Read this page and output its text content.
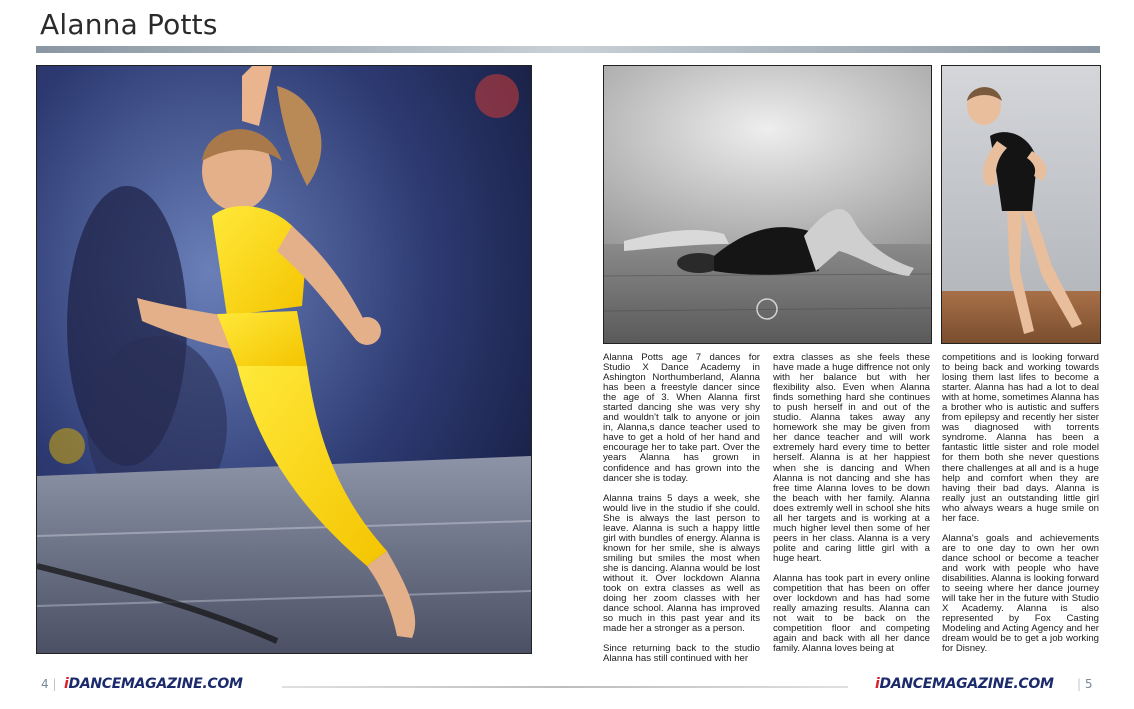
Alanna Potts

Alanna Potts age 7 dances for Studio X Dance Academy in Ashington Northumberland, Alanna has been a freestyle dancer since the age of 3. When Alanna first started dancing she was very shy and wouldn't talk to anyone or join in, Alanna,s dance teacher used to have to get a hold of her hand and encourage her to take part. Over the years Alanna has grown in confidence and has grown into the dancer she is today.

Alanna trains 5 days a week, she would live in the studio if she could. She is always the last person to leave. Alanna is such a happy little girl with bundles of energy. Alanna is known for her smile, she is always smiling but smiles the most when she is dancing. Alanna would be lost without it. Over lockdown Alanna took on extra classes as well as doing her zoom classes with her dance school. Alanna has improved so much in this past year and its made her a stronger as a person.

Since returning back to the studio Alanna has still continued with her

extra classes as she feels these have made a huge diffrence not only with her balance but with her flexibility also. Even when Alanna finds something hard she continues to push herself in and out of the studio. Alanna takes away any homework she may be given from her dance teacher and will work extremely hard every time to better herself. Alanna is at her happiest when she is dancing and When Alanna is not dancing and she has free time Alanna loves to be down the beach with her family. Alanna does extremly well in school she hits all her targets and is working at a much higher level then some of her peers in her class. Alanna is a very polite and caring little girl with a huge heart.

Alanna has took part in every online competition that has been on offer over lockdown and has had some really amazing results. Alanna can not wait to be back on the competition floor and competing again and back with all her dance family. Alanna loves being at

competitions and is looking forward to being back and working towards losing them last lifes to become a starter. Alanna has had a lot to deal with at home, sometimes Alanna has a brother who is autistic and suffers from epilepsy and recently her sister was diagnosed with torrents syndrome. Alanna has been a fantastic little sister and role model for them both she never questions there challenges at all and is a huge help and comfort when they are having their bad days. Alanna is really just an outstanding little girl who always wears a huge smile on her face.

Alanna's goals and achievements are to one day to own her own dance school or become a teacher and work with people who have disabilities. Alanna is looking forward to seeing where her dance journey will take her in the future with Studio X Academy. Alanna is also represented by Fox Casting Modeling and Acting Agency and her dream would be to get a job working for Disney.

4 | iDANCEMAGAZINE.COM	iDANCEMAGAZINE.COM | 5
